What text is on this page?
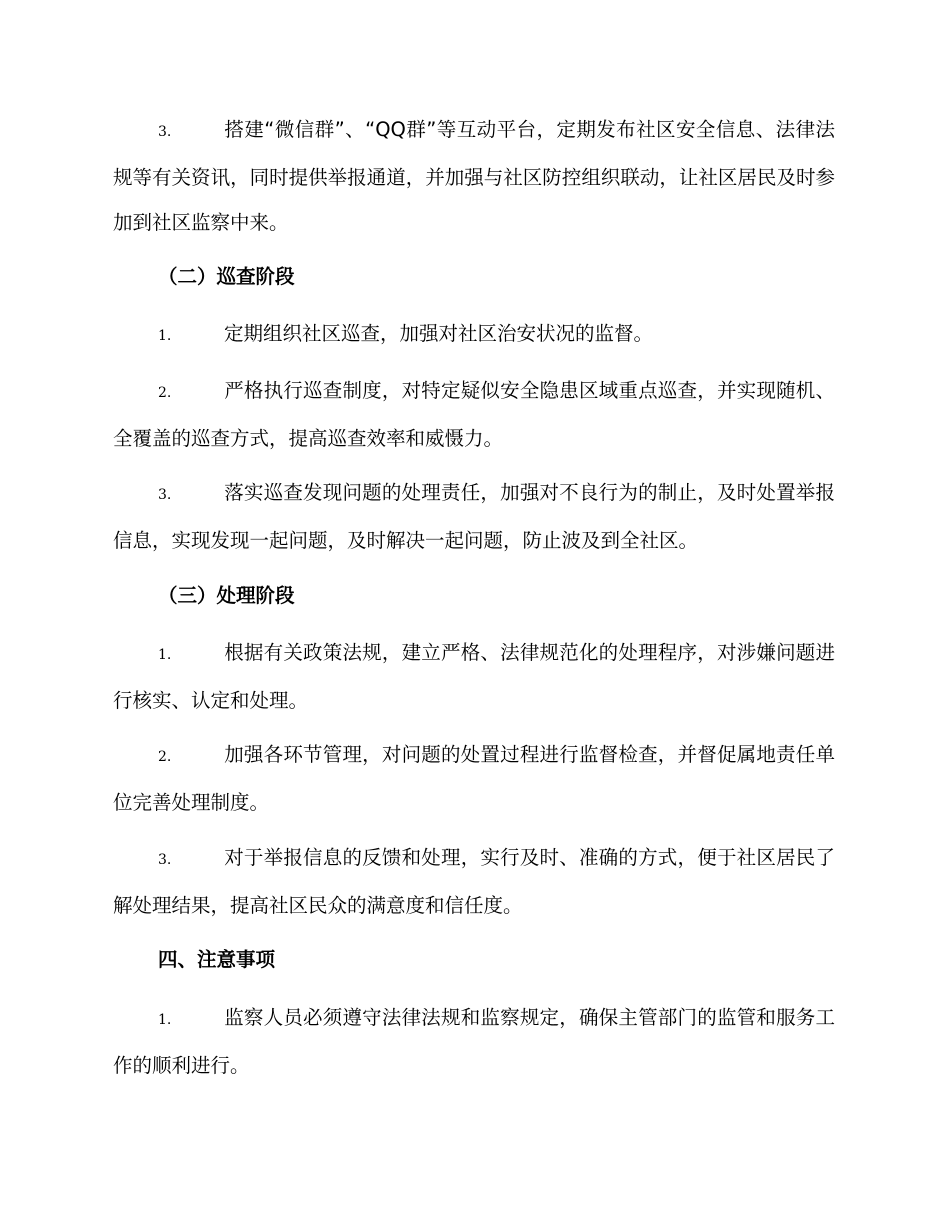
3.	搭建“微信群”、“QQ群”等互动平台，定期发布社区安全信息、法律法规等有关资讯，同时提供举报通道，并加强与社区防控组织联动，让社区居民及时参加到社区监察中来。

（二）巡查阶段

1.	定期组织社区巡查，加强对社区治安状况的监督。

2.	严格执行巡查制度，对特定疑似安全隐患区域重点巡查，并实现随机、全覆盖的巡查方式，提高巡查效率和威慑力。

3.	落实巡查发现问题的处理责任，加强对不良行为的制止，及时处置举报信息，实现发现一起问题，及时解决一起问题，防止波及到全社区。

（三）处理阶段

1.	根据有关政策法规，建立严格、法律规范化的处理程序，对涉嫌问题进行核实、认定和处理。

2.	加强各环节管理，对问题的处置过程进行监督检查，并督促属地责任单位完善处理制度。

3.	对于举报信息的反馈和处理，实行及时、准确的方式，便于社区居民了解处理结果，提高社区民众的满意度和信任度。

四、注意事项

1.	监察人员必须遵守法律法规和监察规定，确保主管部门的监管和服务工作的顺利进行。
